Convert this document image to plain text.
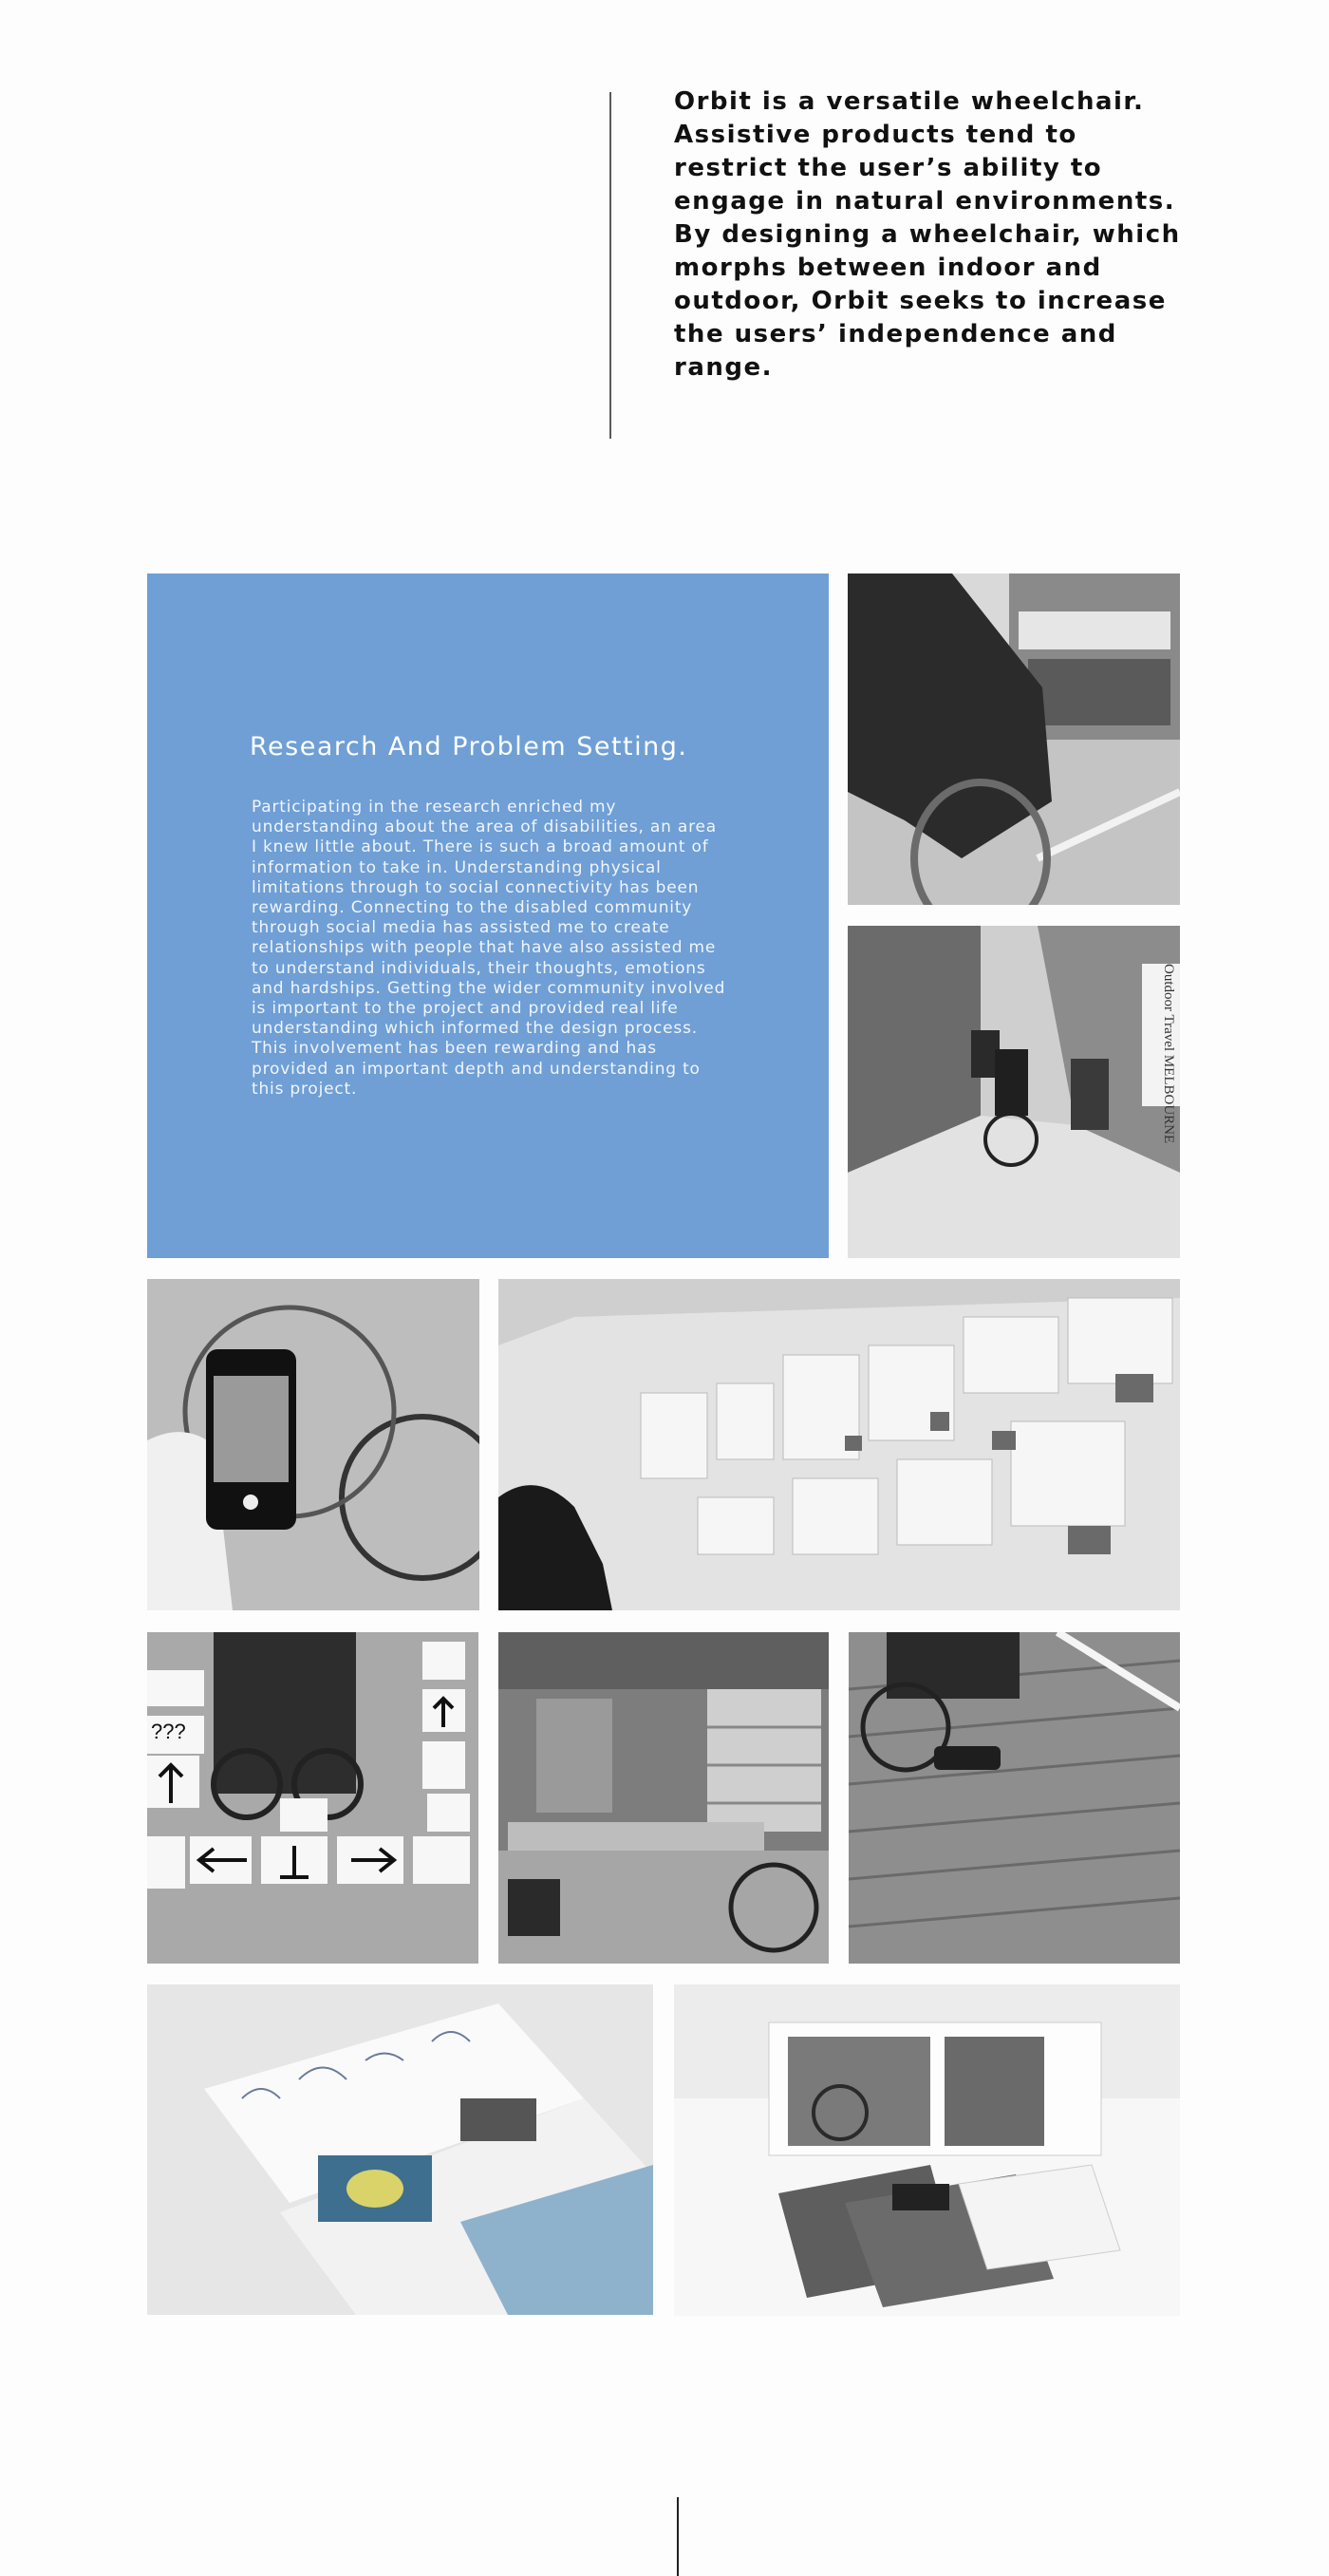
Orbit is a versatile wheelchair. Assistive products tend to restrict the user’s ability to engage in natural environments. By designing a wheelchair, which morphs between indoor and outdoor, Orbit seeks to increase the users’ independence and range.

Research And Problem Setting.

Participating in the research enriched my understanding about the area of disabilities, an area I knew little about. There is such a broad amount of information to take in. Understanding physical limitations through to social connectivity has been rewarding. Connecting to the disabled community through social media has assisted me to create relationships with people that have also assisted me to understand individuals, their thoughts, emotions and hardships. Getting the wider community involved is important to the project and provided real life understanding which informed the design process. This involvement has been rewarding and has provided an important depth and understanding to this project.	Outdoor Travel MELBOURNE
???
